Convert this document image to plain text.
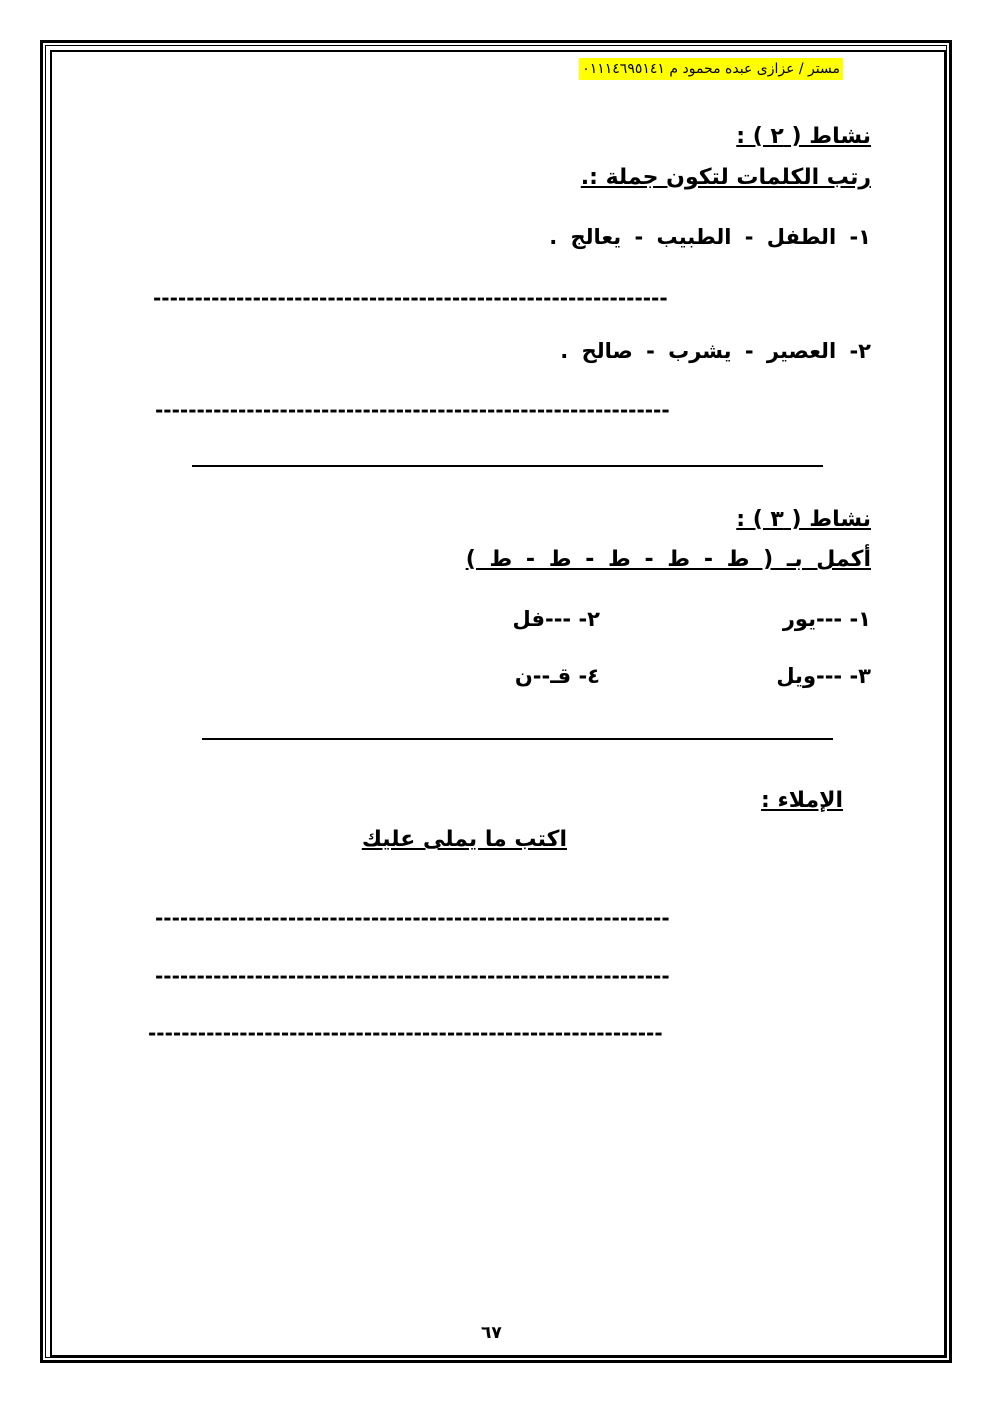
مستر / عزازى عبده محمود م ٠١١١٤٦٩٥١٤١
نشاط ( ٢ ) :
رتب الكلمات لتكون جملة :.
١- الطفل - الطبيب - يعالج .
--------------------------------------------------------------
٢- العصير - يشرب - صالح .
--------------------------------------------------------------
نشاط ( ٣ ) :
أكمل بـ ( ط - ط - ط - ط - ط )
١- ---يور
٢- ---فل
٣- ---ويل
٤- قـ--ن
الإملاء :
اكتب ما يملى عليك
--------------------------------------------------------------
--------------------------------------------------------------
--------------------------------------------------------------
٦٧
